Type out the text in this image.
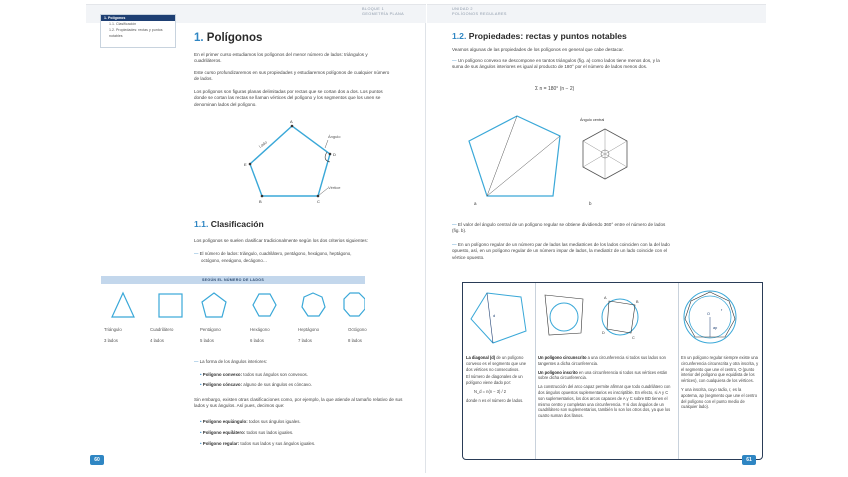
BLOQUE 1
GEOMETRÍA PLANA
1. Polígonos
1.1. Clasificación
1.2. Propiedades: rectas y puntos notables	1. Polígonos
En el primer curso estudiamos los polígonos del menor número de lados: triángulos y cuadriláteros.
Este curso profundizaremos en sus propiedades y estudiaremos polígonos de cualquier número de lados.
Los polígonos son figuras planas delimitadas por rectas que se cortan dos a dos. Los puntos donde se cortan las rectas se llaman vértices del polígono y los segmentos que los unen se denominan lados del polígono.
Lado
Ángulo
Vértice
A
D
C
B
E
1.1. Clasificación
Los polígonos se suelen clasificar tradicionalmente según los dos criterios siguientes:
— El número de lados: triángulo, cuadrilátero, pentágono, hexágono, heptágono,
octógono, eneágono, decágono…
SEGÚN EL NÚMERO DE LADOS
Triángulo
3 lados
Cuadrilátero
4 lados
Pentágono
5 lados
Hexágono
6 lados
Heptágono
7 lados
Octógono
8 lados
— La forma de los ángulos interiores:
• Polígono convexo: todos sus ángulos son convexos.
• Polígono cóncavo: alguno de sus ángulos es cóncavo.
Sin embargo, existen otras clasificaciones como, por ejemplo, la que atiende al tamaño relativo de sus lados y sus ángulos. Así pues, decimos que:
• Polígono equiángulo: todos sus ángulos iguales.
• Polígono equilátero: todos sus lados iguales.
• Polígono regular: todos sus lados y sus ángulos iguales.
60
UNIDAD 2
POLÍGONOS REGULARES
1.2. Propiedades: rectas y puntos notables
Veamos algunas de las propiedades de los polígonos en general que cabe destacar.
— Un polígono convexo se descompone en tantos triángulos (fig. a) como lados tiene menos dos, y la suma de sus ángulos interiores es igual al producto de 180° por el número de lados menos dos.
Σ n = 180° (n − 2)
a
Ángulo central
b
— El valor del ángulo central de un polígono regular se obtiene dividiendo 360° entre el número de lados (fig. b).
— En un polígono regular de un número par de lados las mediatrices de los lados coinciden con la del lado opuesto, así, en un polígono regular de un número impar de lados, la mediatriz de un lado coincide con el vértice opuesto.
d
A
B
C
D
O
ap
r
La diagonal (d) de un polígono convexo es el segmento que une dos vértices no consecutivos.
El número de diagonales de un polígono viene dado por:
N_d = n(n − 3) / 2
donde n es el número de lados.
Un polígono circunscrito a una circunferencia si todos sus lados son tangentes a dicha circunferencia.
Un polígono inscrito en una circunferencia si todos sus vértices están sobre dicha circunferencia.
La construcción del arco capaz permite afirmar que todo cuadrilátero con dos ángulos opuestos suplementarios es inscriptible. En efecto, si A y C son suplementarios, los dos arcos capaces de A y C sobre BD tienen el mismo centro y completan una circunferencia. Y si dos ángulos de un cuadrilátero son suplementarios, también lo son los otros dos, ya que los cuatro suman dos llanos.
En un polígono regular siempre existe una circunferencia circunscrita y otra inscrita, y el segmento que une el centro, O (punto interior del polígono que equidista de los vértices), con cualquiera de los vértices.
Y una inscrita, cuyo radio, r, es la apotema, ap (segmento que une el centro del polígono con el punto medio de cualquier lado).
61
